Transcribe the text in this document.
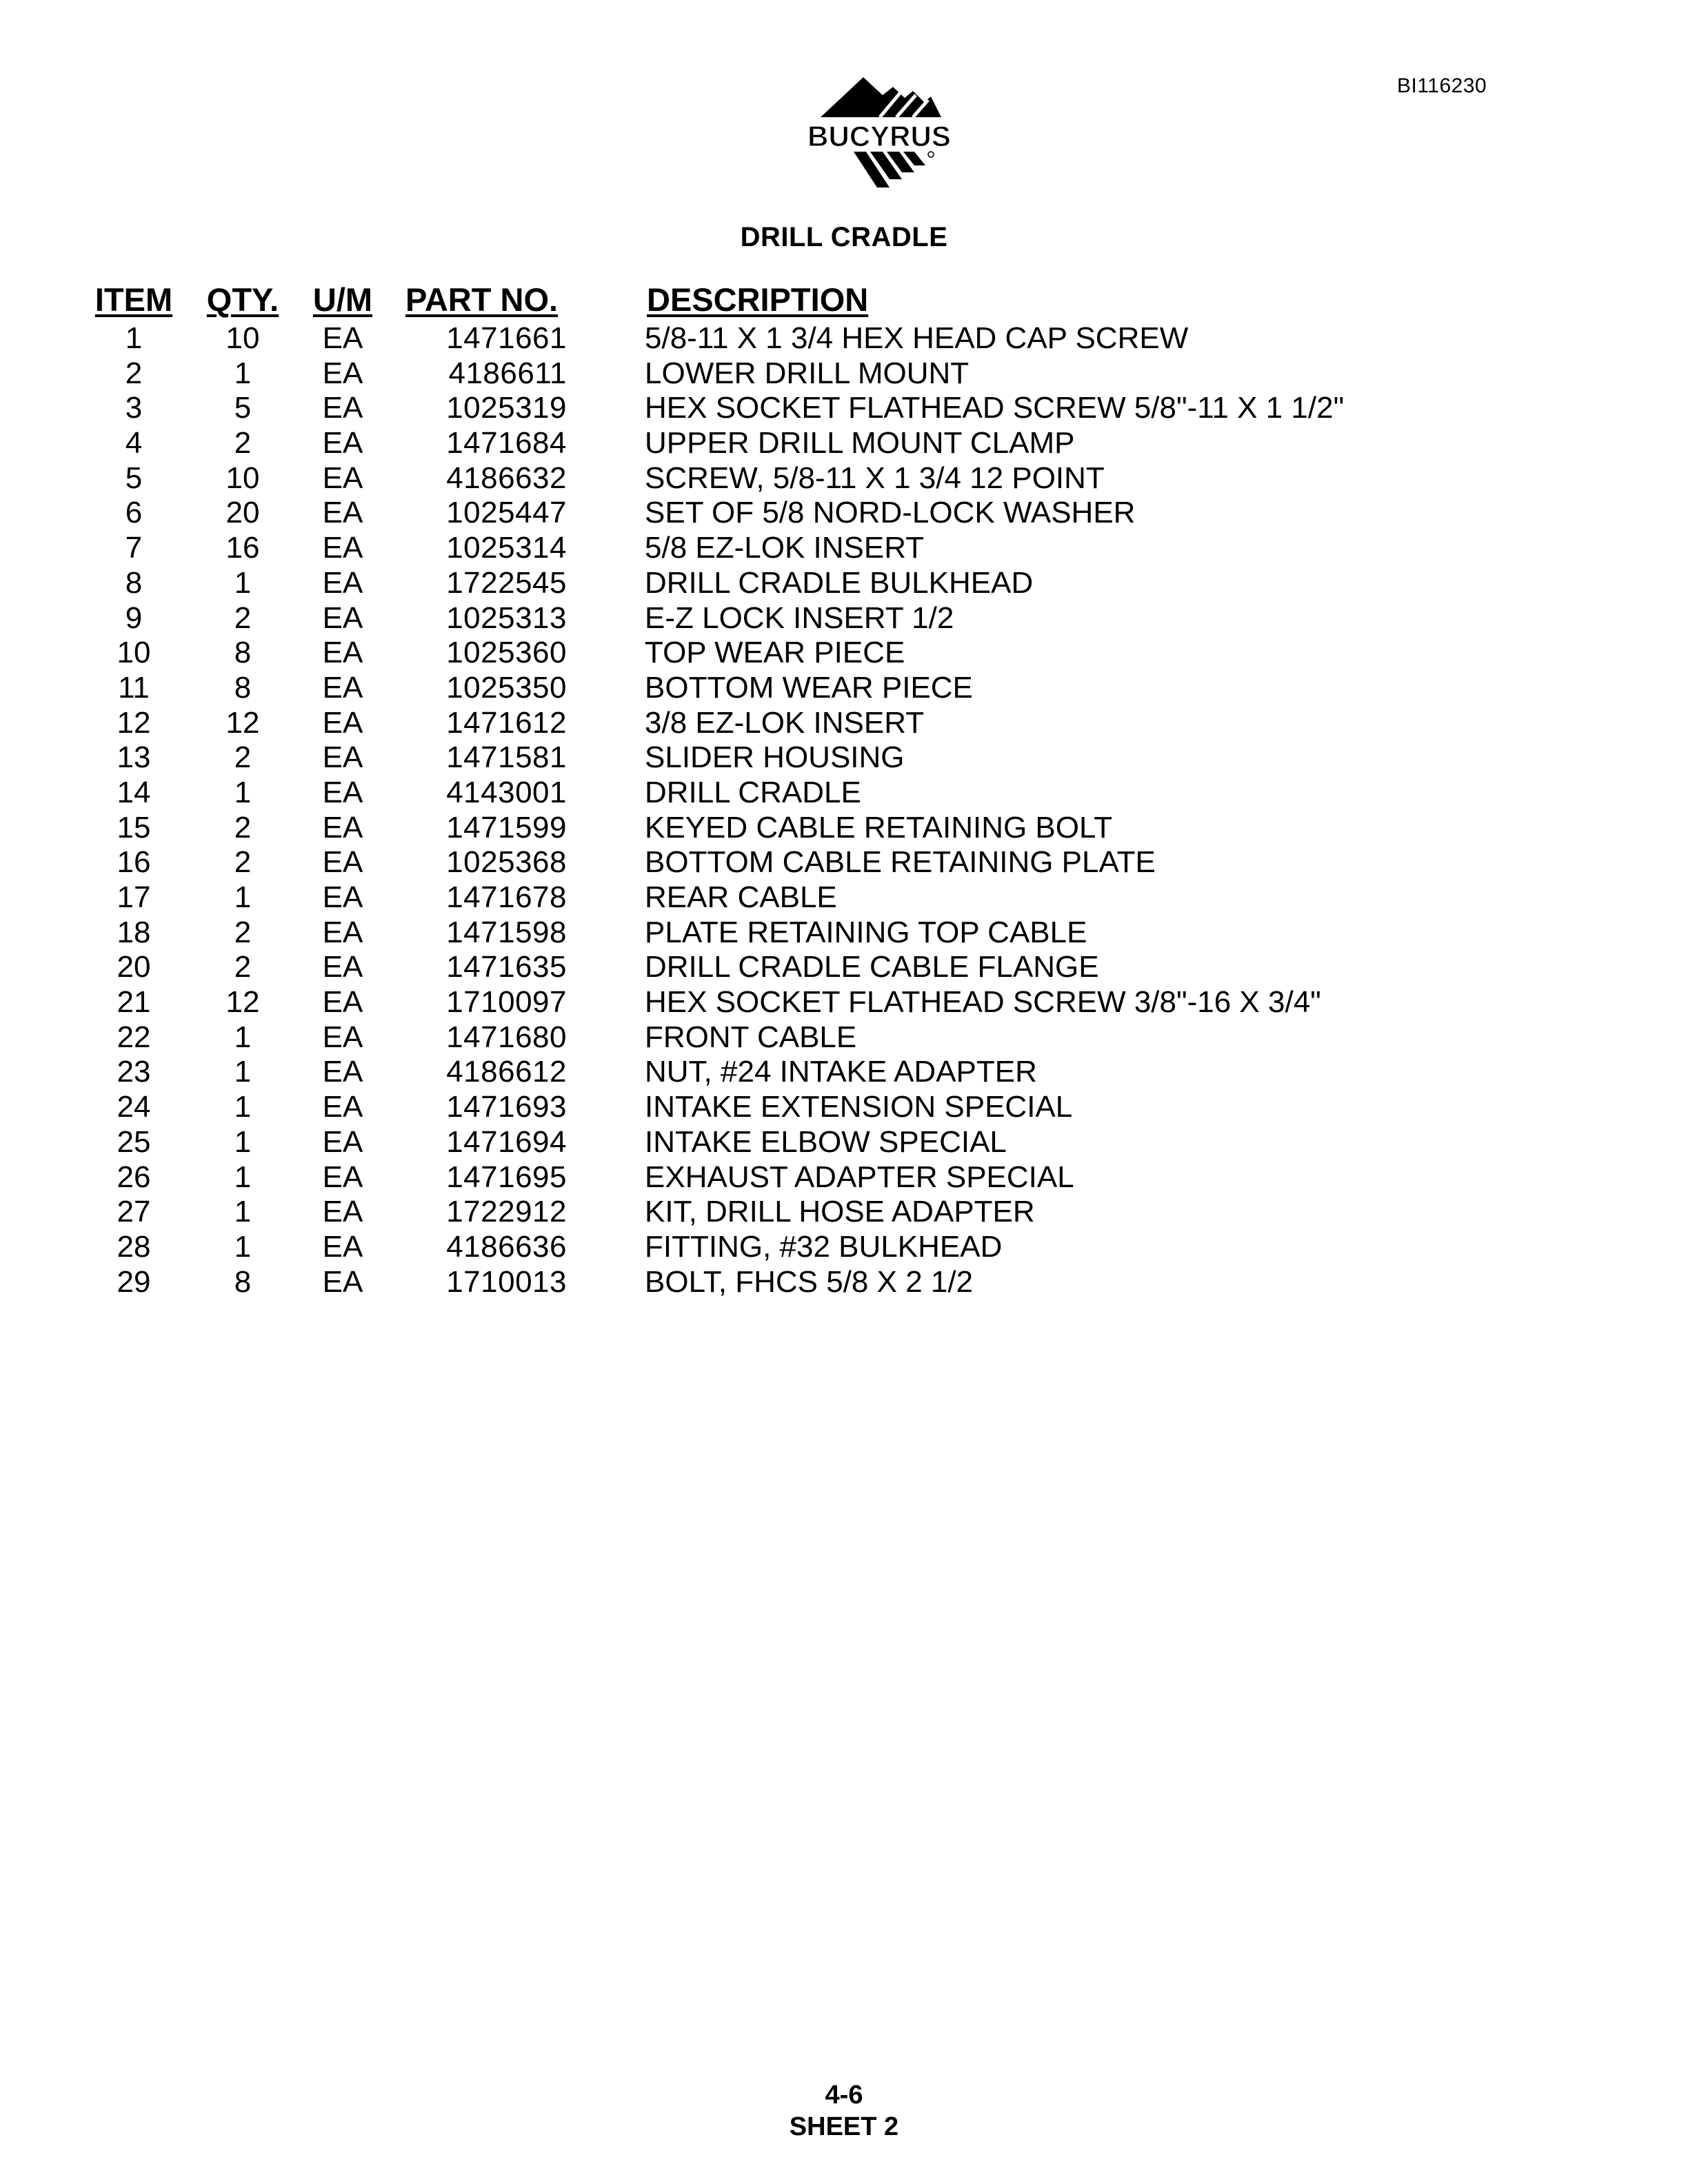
BI116230
BUCYRUS
DRILL CRADLE
ITEM QTY. U/M PART NO.	DESCRIPTION
1	10	EA	1471661	5/8-11 X 1 3/4 HEX HEAD CAP SCREW
2	1	EA	4186611	LOWER DRILL MOUNT
3	5	EA	1025319	HEX SOCKET FLATHEAD SCREW 5/8"-11 X 1 1/2"
4	2	EA	1471684	UPPER DRILL MOUNT CLAMP
5	10	EA	4186632	SCREW, 5/8-11 X 1 3/4 12 POINT
6	20	EA	1025447	SET OF 5/8 NORD-LOCK WASHER
7	16	EA	1025314	5/8 EZ-LOK INSERT
8	1	EA	1722545	DRILL CRADLE BULKHEAD
9	2	EA	1025313	E-Z LOCK INSERT 1/2
10	8	EA	1025360	TOP WEAR PIECE
11	8	EA	1025350	BOTTOM WEAR PIECE
12	12	EA	1471612	3/8 EZ-LOK INSERT
13	2	EA	1471581	SLIDER HOUSING
14	1	EA	4143001	DRILL CRADLE
15	2	EA	1471599	KEYED CABLE RETAINING BOLT
16	2	EA	1025368	BOTTOM CABLE RETAINING PLATE
17	1	EA	1471678	REAR CABLE
18	2	EA	1471598	PLATE RETAINING TOP CABLE
20	2	EA	1471635	DRILL CRADLE CABLE FLANGE
21	12	EA	1710097	HEX SOCKET FLATHEAD SCREW 3/8"-16 X 3/4"
22	1	EA	1471680	FRONT CABLE
23	1	EA	4186612	NUT, #24 INTAKE ADAPTER
24	1	EA	1471693	INTAKE EXTENSION SPECIAL
25	1	EA	1471694	INTAKE ELBOW SPECIAL
26	1	EA	1471695	EXHAUST ADAPTER SPECIAL
27	1	EA	1722912	KIT, DRILL HOSE ADAPTER
28	1	EA	4186636	FITTING, #32 BULKHEAD
29	8	EA	1710013	BOLT, FHCS 5/8 X 2 1/2
4-6
SHEET 2
